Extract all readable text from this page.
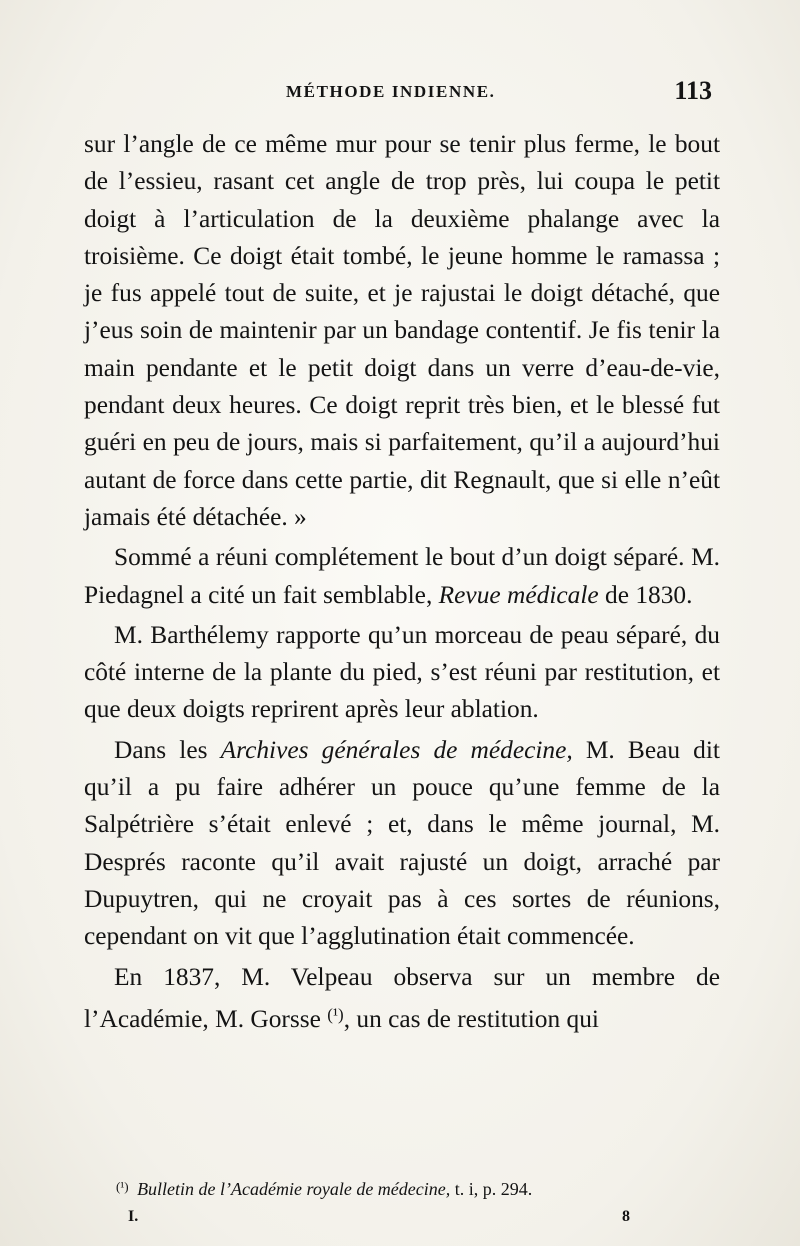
MÉTHODE INDIENNE.	113

sur l’angle de ce même mur pour se tenir plus ferme, le bout de l’essieu, rasant cet angle de trop près, lui coupa le petit doigt à l’articulation de la deuxième phalange avec la troisième. Ce doigt était tombé, le jeune homme le ramassa ; je fus appelé tout de suite, et je rajustai le doigt détaché, que j’eus soin de maintenir par un bandage contentif. Je fis tenir la main pendante et le petit doigt dans un verre d’eau-de-vie, pendant deux heures. Ce doigt reprit très bien, et le blessé fut guéri en peu de jours, mais si parfaitement, qu’il a aujourd’hui autant de force dans cette partie, dit Regnault, que si elle n’eût jamais été détachée. »

Sommé a réuni complétement le bout d’un doigt séparé. M. Piedagnel a cité un fait semblable, Revue médicale de 1830.

M. Barthélemy rapporte qu’un morceau de peau séparé, du côté interne de la plante du pied, s’est réuni par restitution, et que deux doigts reprirent après leur ablation.

Dans les Archives générales de médecine, M. Beau dit qu’il a pu faire adhérer un pouce qu’une femme de la Salpétrière s’était enlevé ; et, dans le même journal, M. Després raconte qu’il avait rajusté un doigt, arraché par Dupuytren, qui ne croyait pas à ces sortes de réunions, cependant on vit que l’agglutination était commencée.

En 1837, M. Velpeau observa sur un membre de l’Académie, M. Gorsse $^{(^1)}$, un cas de restitution qui

$^{(^1)}$ Bulletin de l’Académie royale de médecine, t. i, p. 294.
I.	8
